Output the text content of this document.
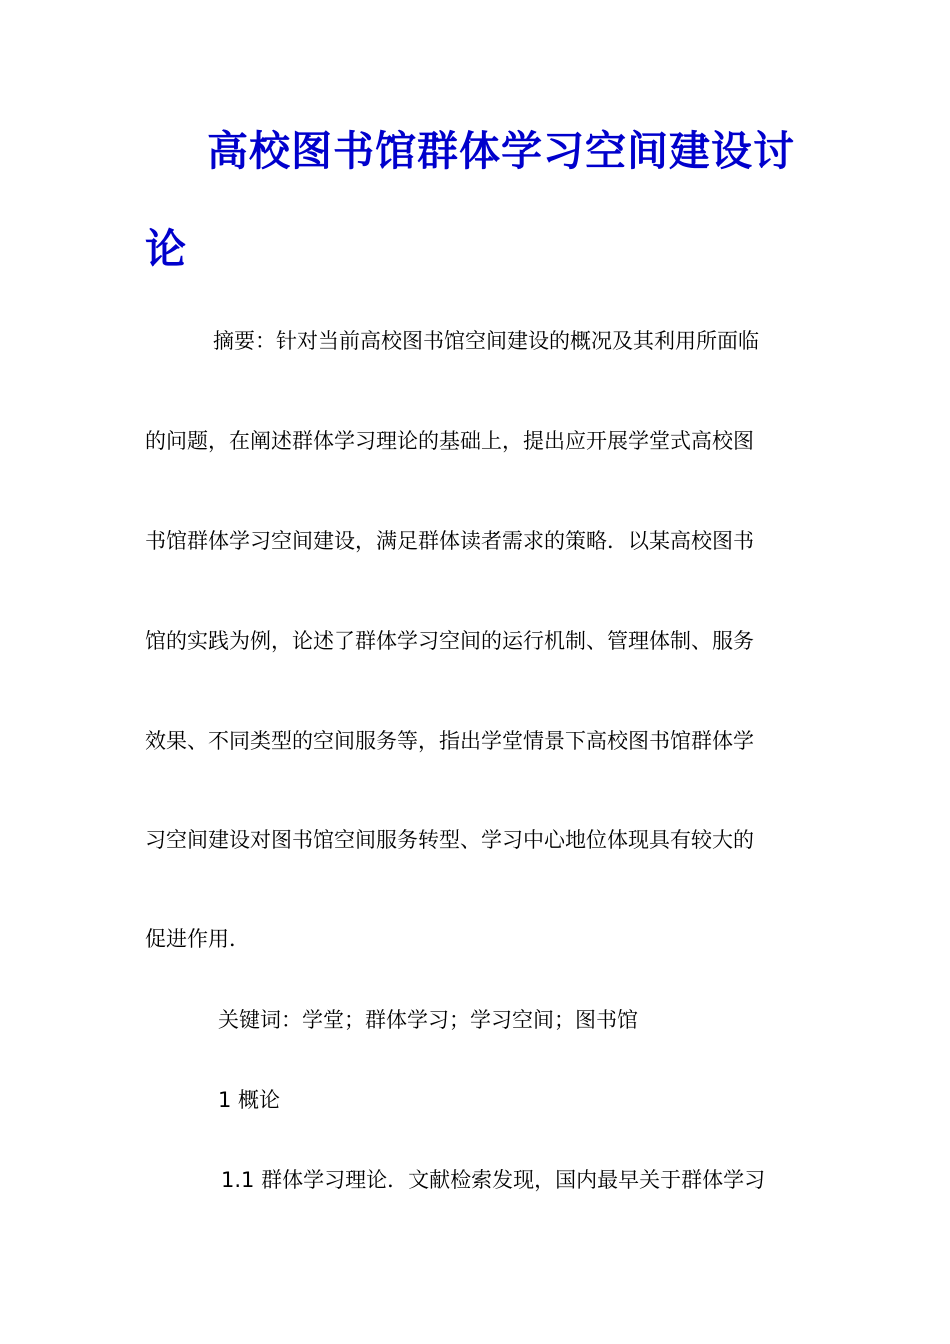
高校图书馆群体学习空间建设讨
论

摘要：针对当前高校图书馆空间建设的概况及其利用所面临

的问题，在阐述群体学习理论的基础上，提出应开展学堂式高校图

书馆群体学习空间建设，满足群体读者需求的策略．以某高校图书

馆的实践为例，论述了群体学习空间的运行机制、管理体制、服务

效果、不同类型的空间服务等，指出学堂情景下高校图书馆群体学

习空间建设对图书馆空间服务转型、学习中心地位体现具有较大的

促进作用．

关键词：学堂；群体学习；学习空间；图书馆

1 概论

1.1 群体学习理论．文献检索发现，国内最早关于群体学习
